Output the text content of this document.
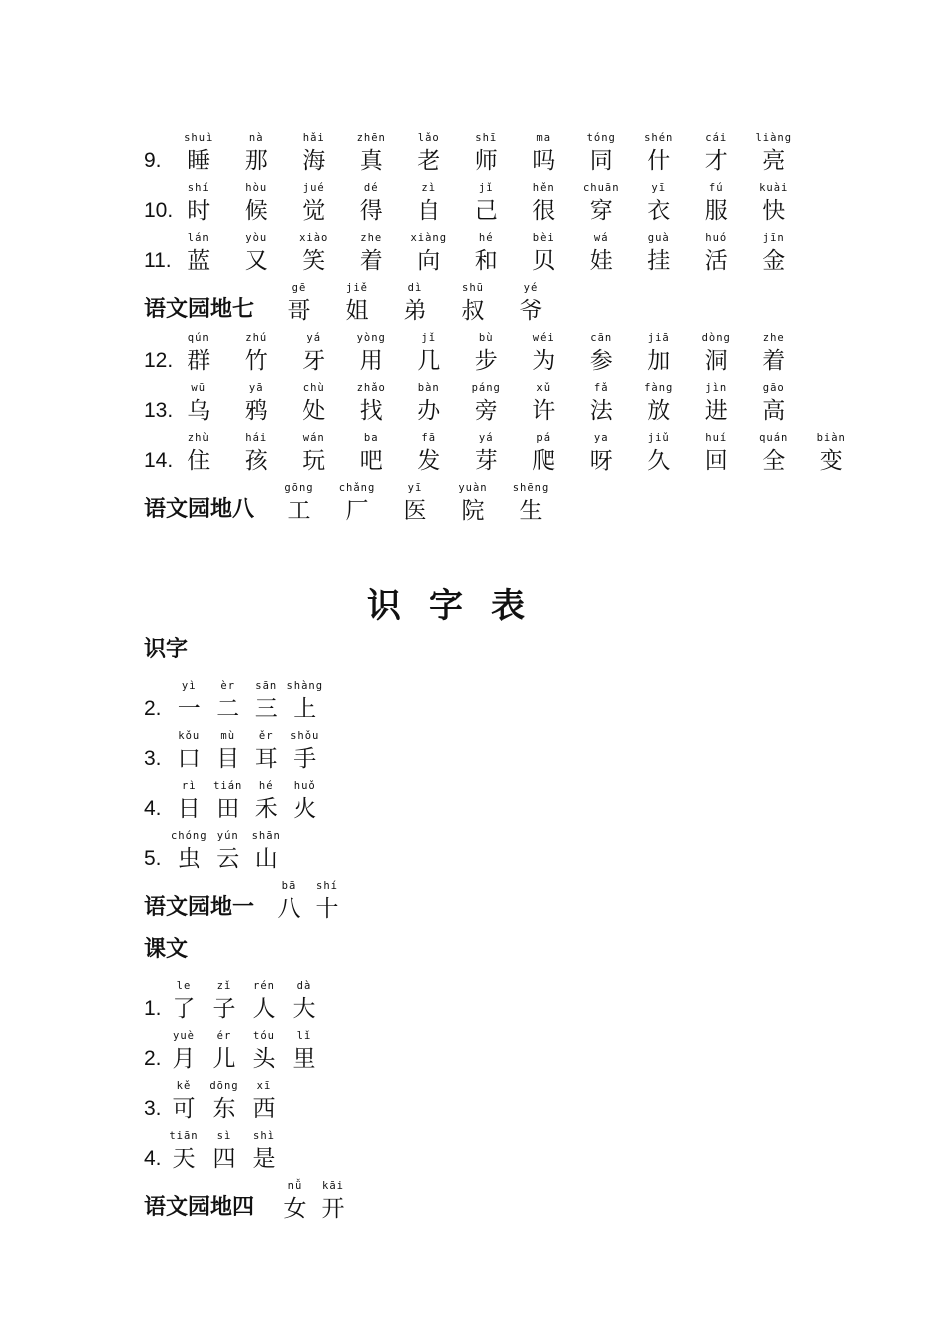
9.
shuì
睡
nà
那
hǎi
海
zhēn
真
lǎo
老
shī
师
ma
吗
tóng
同
shén
什
cái
才
liàng
亮
10.
shí
时
hòu
候
jué
觉
dé
得
zì
自
jǐ
己
hěn
很
chuān
穿
yī
衣
fú
服
kuài
快
11.
lán
蓝
yòu
又
xiào
笑
zhe
着
xiàng
向
hé
和
bèi
贝
wá
娃
guà
挂
huó
活
jīn
金
语文园地七
gē
哥
jiě
姐
dì
弟
shū
叔
yé
爷
12.
qún
群
zhú
竹
yá
牙
yòng
用
jǐ
几
bù
步
wéi
为
cān
参
jiā
加
dòng
洞
zhe
着
13.
wū
乌
yā
鸦
chù
处
zhǎo
找
bàn
办
páng
旁
xǔ
许
fǎ
法
fàng
放
jìn
进
gāo
高
14.
zhù
住
hái
孩
wán
玩
ba
吧
fā
发
yá
芽
pá
爬
ya
呀
jiǔ
久
huí
回
quán
全
biàn
变
语文园地八
gōng
工
chǎng
厂
yī
医
yuàn
院
shēng
生
识字表
识字
2.
yì
一
èr
二
sān
三
shàng
上
3.
kǒu
口
mù
目
ěr
耳
shǒu
手
4.
rì
日
tián
田
hé
禾
huǒ
火
5.
chóng
虫
yún
云
shān
山
语文园地一
bā
八
shí
十
课文
1.
le
了
zǐ
子
rén
人
dà
大
2.
yuè
月
ér
儿
tóu
头
lǐ
里
3.
kě
可
dōng
东
xī
西
4.
tiān
天
sì
四
shì
是
语文园地四
nǚ
女
kāi
开
